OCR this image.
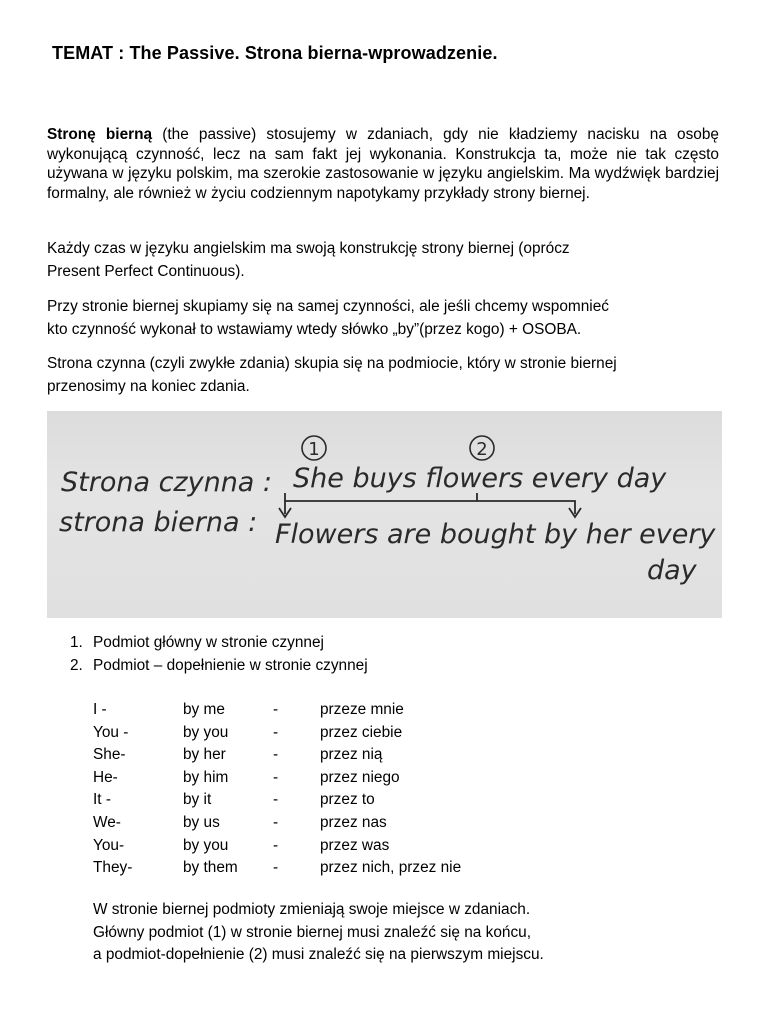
TEMAT : The Passive. Strona bierna-wprowadzenie.
Stronę bierną (the passive) stosujemy w zdaniach, gdy nie kładziemy nacisku na osobę wykonującą czynność, lecz na sam fakt jej wykonania. Konstrukcja ta, może nie tak często używana w języku polskim, ma szerokie zastosowanie w języku angielskim. Ma wydźwięk bardziej formalny, ale również w życiu codziennym napotykamy przykłady strony biernej.
Każdy czas w języku angielskim ma swoją konstrukcję strony biernej (oprócz
Present Perfect Continuous).
Przy stronie biernej skupiamy się na samej czynności, ale jeśli chcemy wspomnieć
kto czynność wykonał to wstawiamy wtedy słówko „by”(przez kogo) + OSOBA.
Strona czynna (czyli zwykłe zdania) skupia się na podmiocie, który w stronie biernej
przenosimy na koniec zdania.
1	2
Strona czynna : She buys flowers every day
strona bierna : Flowers are bought by her every
day
1. Podmiot główny w stronie czynnej
2. Podmiot – dopełnienie w stronie czynnej
I -	by me	-	przeze mnie
You -	by you	-	przez ciebie
She-	by her	-	przez nią
He-	by him	-	przez niego
It -	by it	-	przez to
We-	by us	-	przez nas
You-	by you	-	przez was
They-	by them -	przez nich, przez nie
W stronie biernej podmioty zmieniają swoje miejsce w zdaniach.
Główny podmiot (1) w stronie biernej musi znaleźć się na końcu,
a podmiot-dopełnienie (2) musi znaleźć się na pierwszym miejscu.
